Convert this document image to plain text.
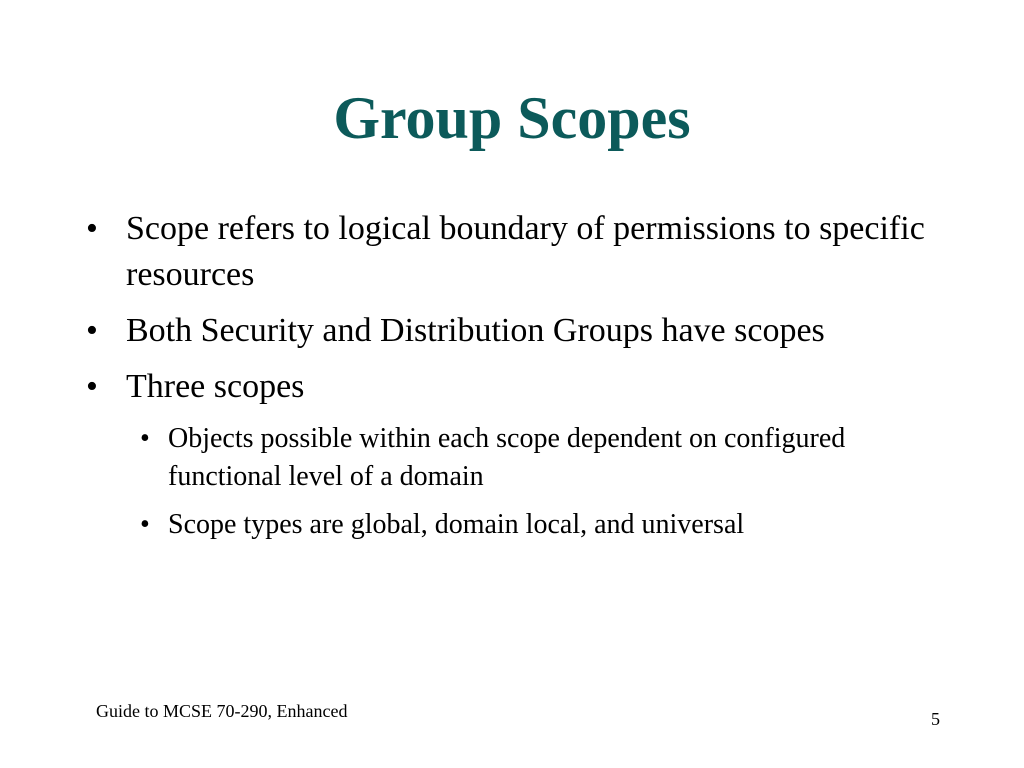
Group Scopes
• Scope refers to logical boundary of permissions to specific resources
• Both Security and Distribution Groups have scopes
• Three scopes
• Objects possible within each scope dependent on configured functional level of a domain
• Scope types are global, domain local, and universal
Guide to MCSE 70-290, Enhanced	5
